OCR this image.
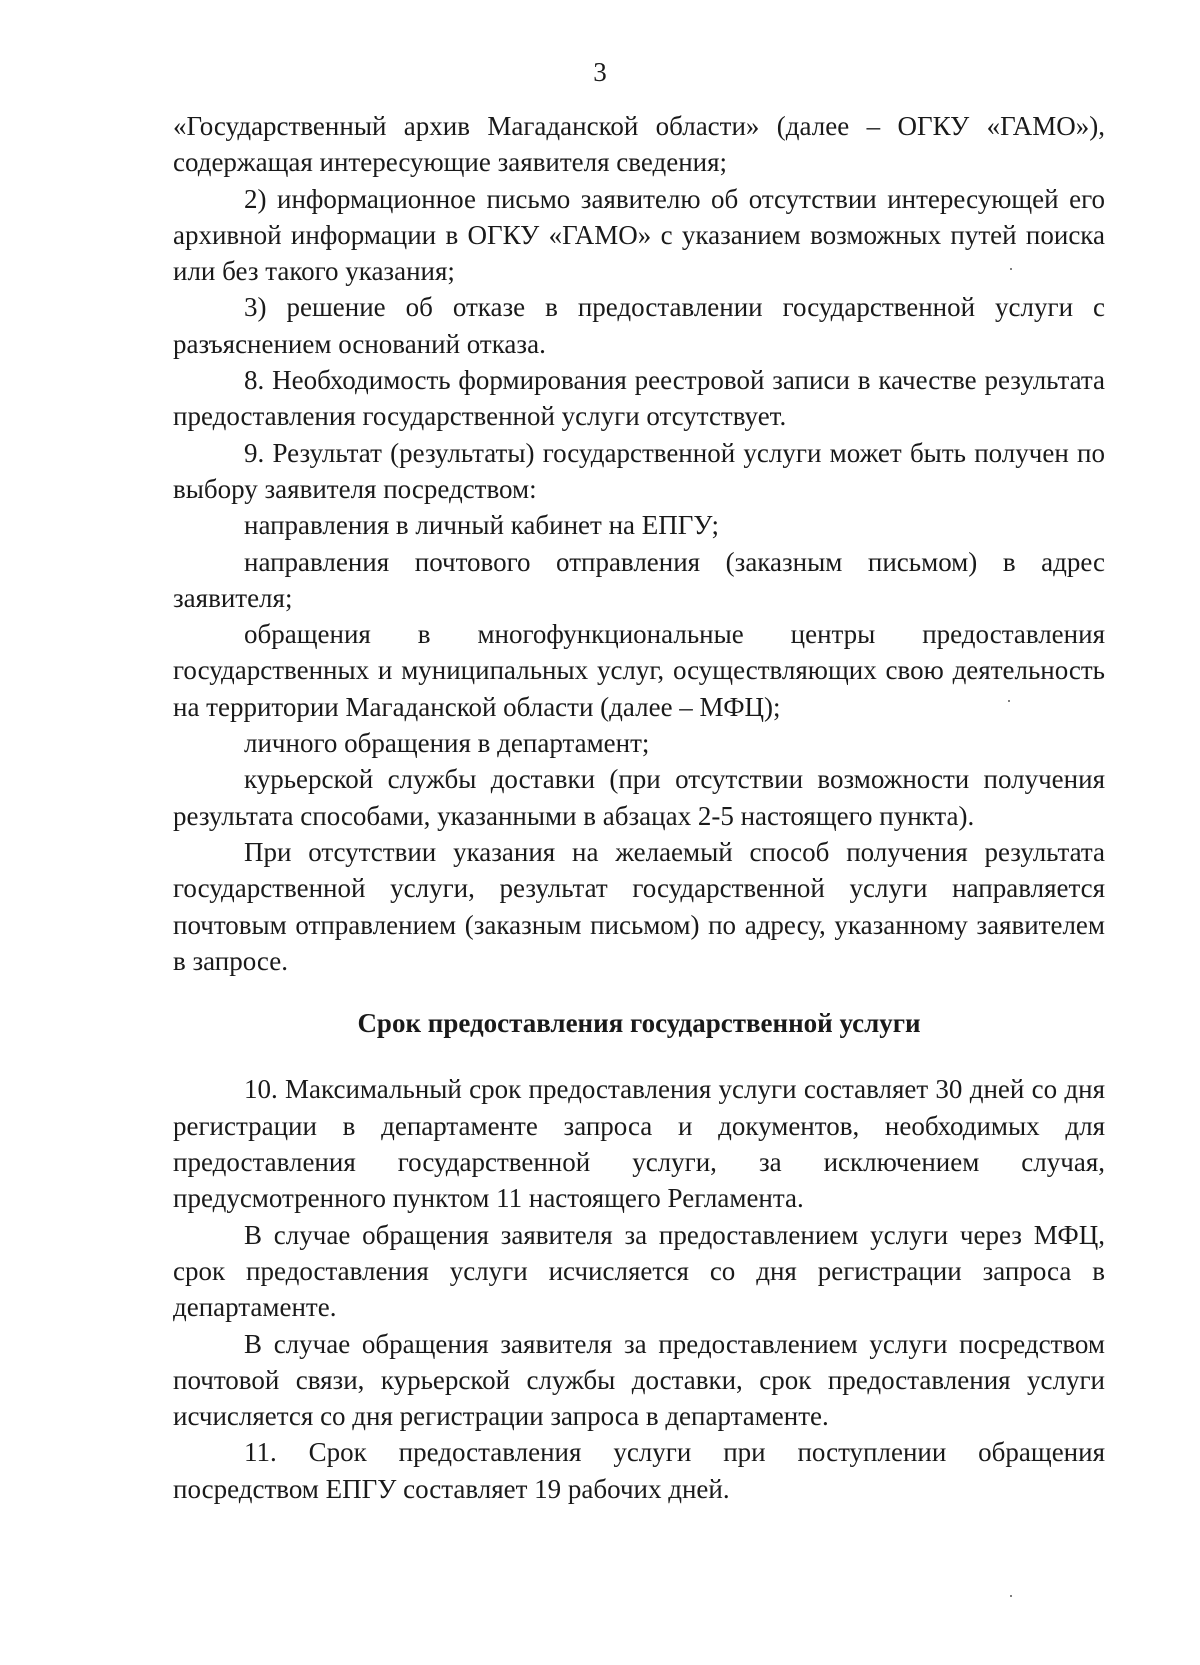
3

«Государственный архив Магаданской области» (далее – ОГКУ «ГАМО»), содержащая интересующие заявителя сведения;

2) информационное письмо заявителю об отсутствии интересующей его архивной информации в ОГКУ «ГАМО» с указанием возможных путей поиска или без такого указания;

3) решение об отказе в предоставлении государственной услуги с разъяснением оснований отказа.

8. Необходимость формирования реестровой записи в качестве результата предоставления государственной услуги отсутствует.

9. Результат (результаты) государственной услуги может быть получен по выбору заявителя посредством:

направления в личный кабинет на ЕПГУ;

направления почтового отправления (заказным письмом) в адрес заявителя;

обращения в многофункциональные центры предоставления государственных и муниципальных услуг, осуществляющих свою деятельность на территории Магаданской области (далее – МФЦ);

личного обращения в департамент;

курьерской службы доставки (при отсутствии возможности получения результата способами, указанными в абзацах 2-5 настоящего пункта).

При отсутствии указания на желаемый способ получения результата государственной услуги, результат государственной услуги направляется почтовым отправлением (заказным письмом) по адресу, указанному заявителем в запросе.

Срок предоставления государственной услуги

10. Максимальный срок предоставления услуги составляет 30 дней со дня регистрации в департаменте запроса и документов, необходимых для предоставления государственной услуги, за исключением случая, предусмотренного пунктом 11 настоящего Регламента.

В случае обращения заявителя за предоставлением услуги через МФЦ, срок предоставления услуги исчисляется со дня регистрации запроса в департаменте.

В случае обращения заявителя за предоставлением услуги посредством почтовой связи, курьерской службы доставки, срок предоставления услуги исчисляется со дня регистрации запроса в департаменте.

11. Срок предоставления услуги при поступлении обращения посредством ЕПГУ составляет 19 рабочих дней.
